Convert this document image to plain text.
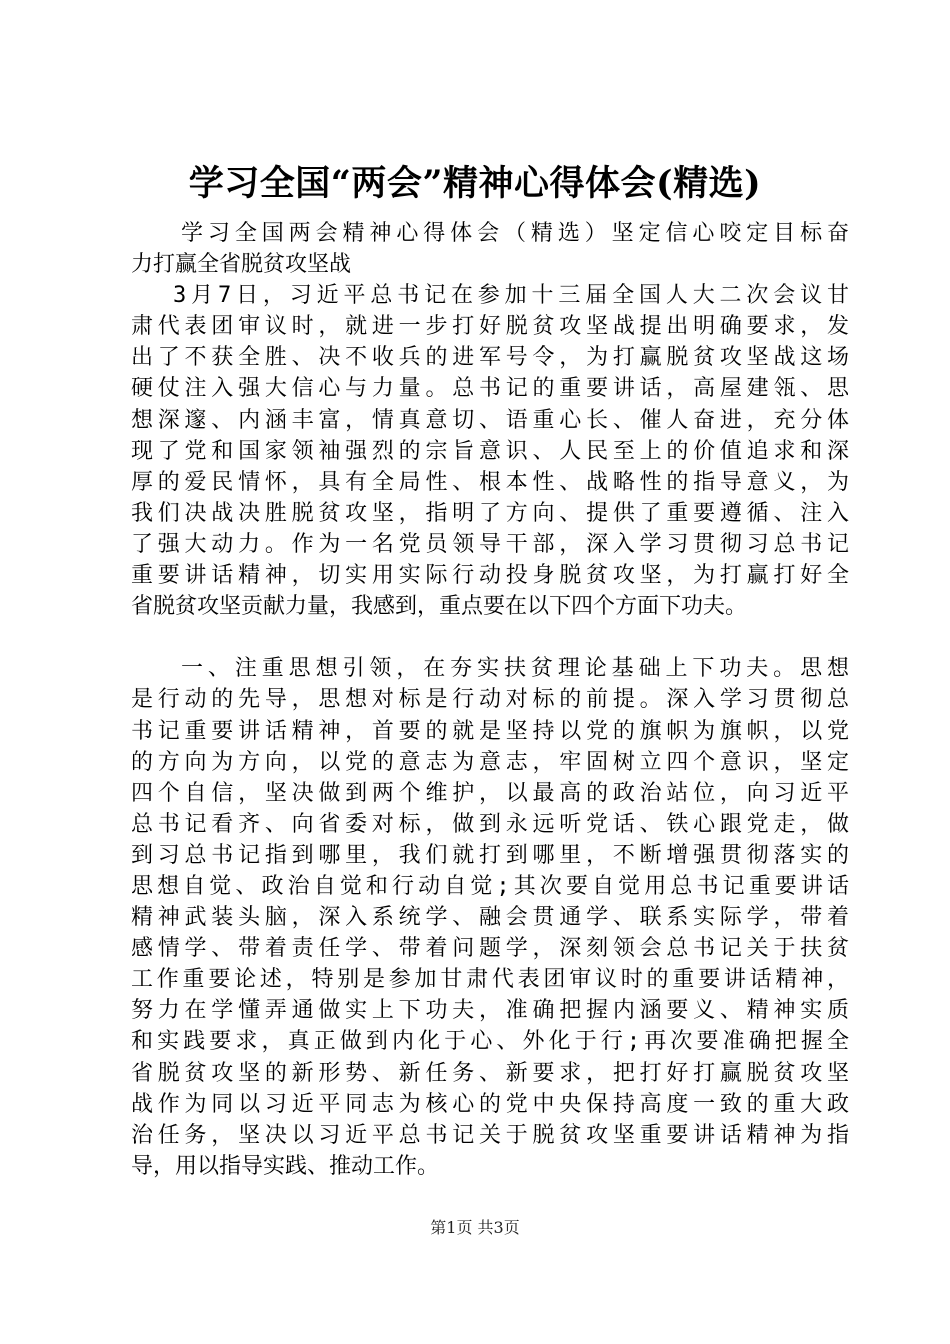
学习全国“两会”精神心得体会(精选)
学习全国两会精神心得体会（精选）坚定信心咬定目标奋
力打赢全省脱贫攻坚战
3月7日，习近平总书记在参加十三届全国人大二次会议甘
肃代表团审议时，就进一步打好脱贫攻坚战提出明确要求，发
出了不获全胜、决不收兵的进军号令，为打赢脱贫攻坚战这场
硬仗注入强大信心与力量。总书记的重要讲话，高屋建瓴、思
想深邃、内涵丰富，情真意切、语重心长、催人奋进，充分体
现了党和国家领袖强烈的宗旨意识、人民至上的价值追求和深
厚的爱民情怀，具有全局性、根本性、战略性的指导意义，为
我们决战决胜脱贫攻坚，指明了方向、提供了重要遵循、注入
了强大动力。作为一名党员领导干部，深入学习贯彻习总书记
重要讲话精神，切实用实际行动投身脱贫攻坚，为打赢打好全
省脱贫攻坚贡献力量，我感到，重点要在以下四个方面下功夫。
一、注重思想引领，在夯实扶贫理论基础上下功夫。思想
是行动的先导，思想对标是行动对标的前提。深入学习贯彻总
书记重要讲话精神，首要的就是坚持以党的旗帜为旗帜，以党
的方向为方向，以党的意志为意志，牢固树立四个意识，坚定
四个自信，坚决做到两个维护，以最高的政治站位，向习近平
总书记看齐、向省委对标，做到永远听党话、铁心跟党走，做
到习总书记指到哪里，我们就打到哪里，不断增强贯彻落实的
思想自觉、政治自觉和行动自觉;其次要自觉用总书记重要讲话
精神武装头脑，深入系统学、融会贯通学、联系实际学，带着
感情学、带着责任学、带着问题学，深刻领会总书记关于扶贫
工作重要论述，特别是参加甘肃代表团审议时的重要讲话精神，
努力在学懂弄通做实上下功夫，准确把握内涵要义、精神实质
和实践要求，真正做到内化于心、外化于行;再次要准确把握全
省脱贫攻坚的新形势、新任务、新要求，把打好打赢脱贫攻坚
战作为同以习近平同志为核心的党中央保持高度一致的重大政
治任务，坚决以习近平总书记关于脱贫攻坚重要讲话精神为指
导，用以指导实践、推动工作。
第1页 共3页
